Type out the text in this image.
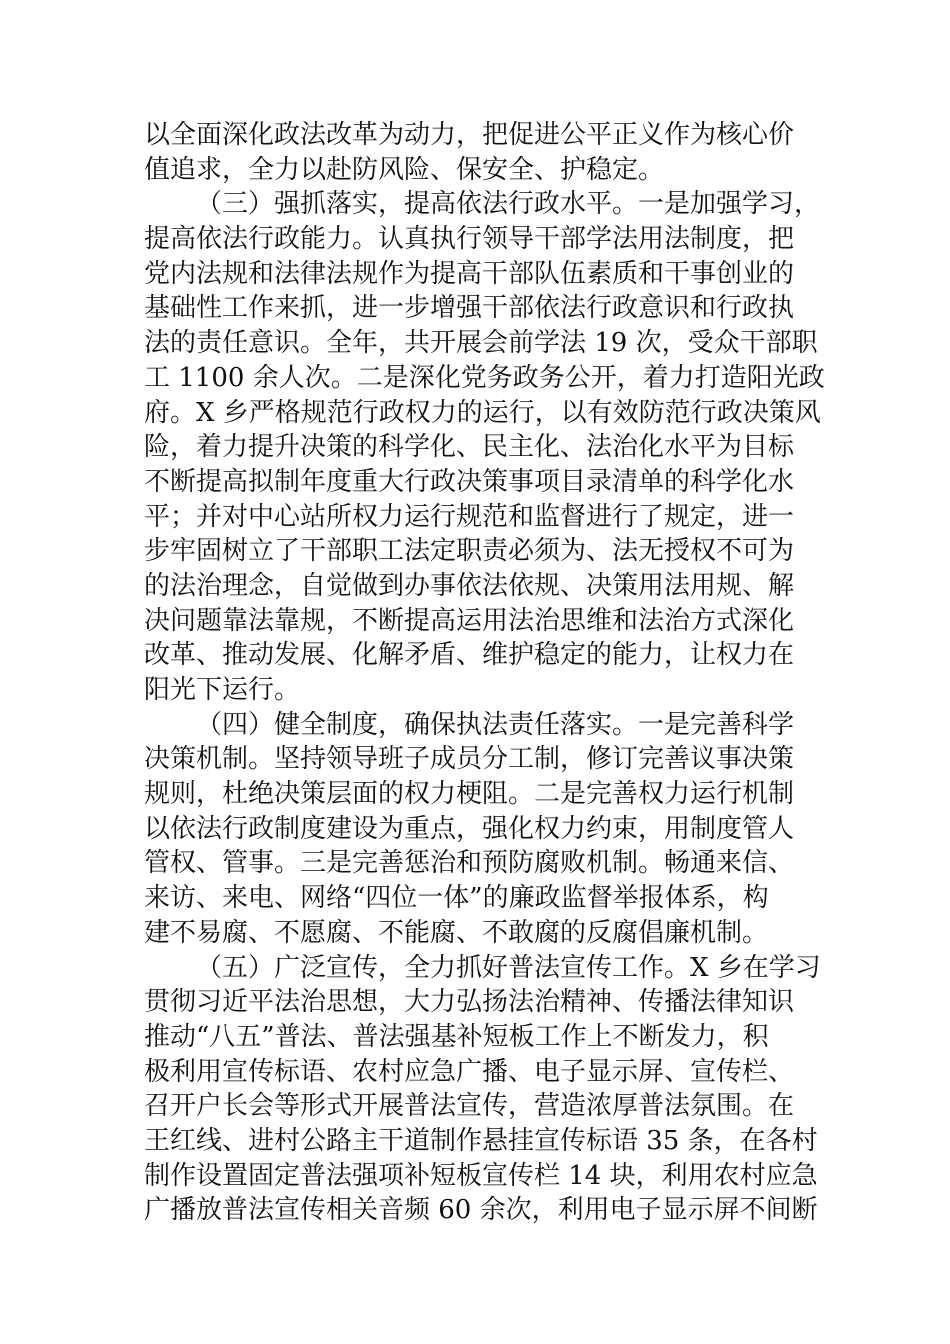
以全面深化政法改革为动力，把促进公平正义作为核心价
值追求，全力以赴防风险、保安全、护稳定。
（三）强抓落实，提高依法行政水平。一是加强学习，
提高依法行政能力。认真执行领导干部学法用法制度，把
党内法规和法律法规作为提高干部队伍素质和干事创业的
基础性工作来抓，进一步增强干部依法行政意识和行政执
法的责任意识。全年，共开展会前学法 19 次，受众干部职
工 1100 余人次。二是深化党务政务公开，着力打造阳光政
府。X 乡严格规范行政权力的运行，以有效防范行政决策风
险，着力提升决策的科学化、民主化、法治化水平为目标
不断提高拟制年度重大行政决策事项目录清单的科学化水
平；并对中心站所权力运行规范和监督进行了规定，进一
步牢固树立了干部职工法定职责必须为、法无授权不可为
的法治理念，自觉做到办事依法依规、决策用法用规、解
决问题靠法靠规，不断提高运用法治思维和法治方式深化
改革、推动发展、化解矛盾、维护稳定的能力，让权力在
阳光下运行。
（四）健全制度，确保执法责任落实。一是完善科学
决策机制。坚持领导班子成员分工制，修订完善议事决策
规则，杜绝决策层面的权力梗阻。二是完善权力运行机制
以依法行政制度建设为重点，强化权力约束，用制度管人
管权、管事。三是完善惩治和预防腐败机制。畅通来信、
来访、来电、网络“四位一体”的廉政监督举报体系，构
建不易腐、不愿腐、不能腐、不敢腐的反腐倡廉机制。
（五）广泛宣传，全力抓好普法宣传工作。X 乡在学习
贯彻习近平法治思想，大力弘扬法治精神、传播法律知识
推动“八五”普法、普法强基补短板工作上不断发力，积
极利用宣传标语、农村应急广播、电子显示屏、宣传栏、
召开户长会等形式开展普法宣传，营造浓厚普法氛围。在
王红线、进村公路主干道制作悬挂宣传标语 35 条，在各村
制作设置固定普法强项补短板宣传栏 14 块，利用农村应急
广播放普法宣传相关音频 60 余次，利用电子显示屏不间断
